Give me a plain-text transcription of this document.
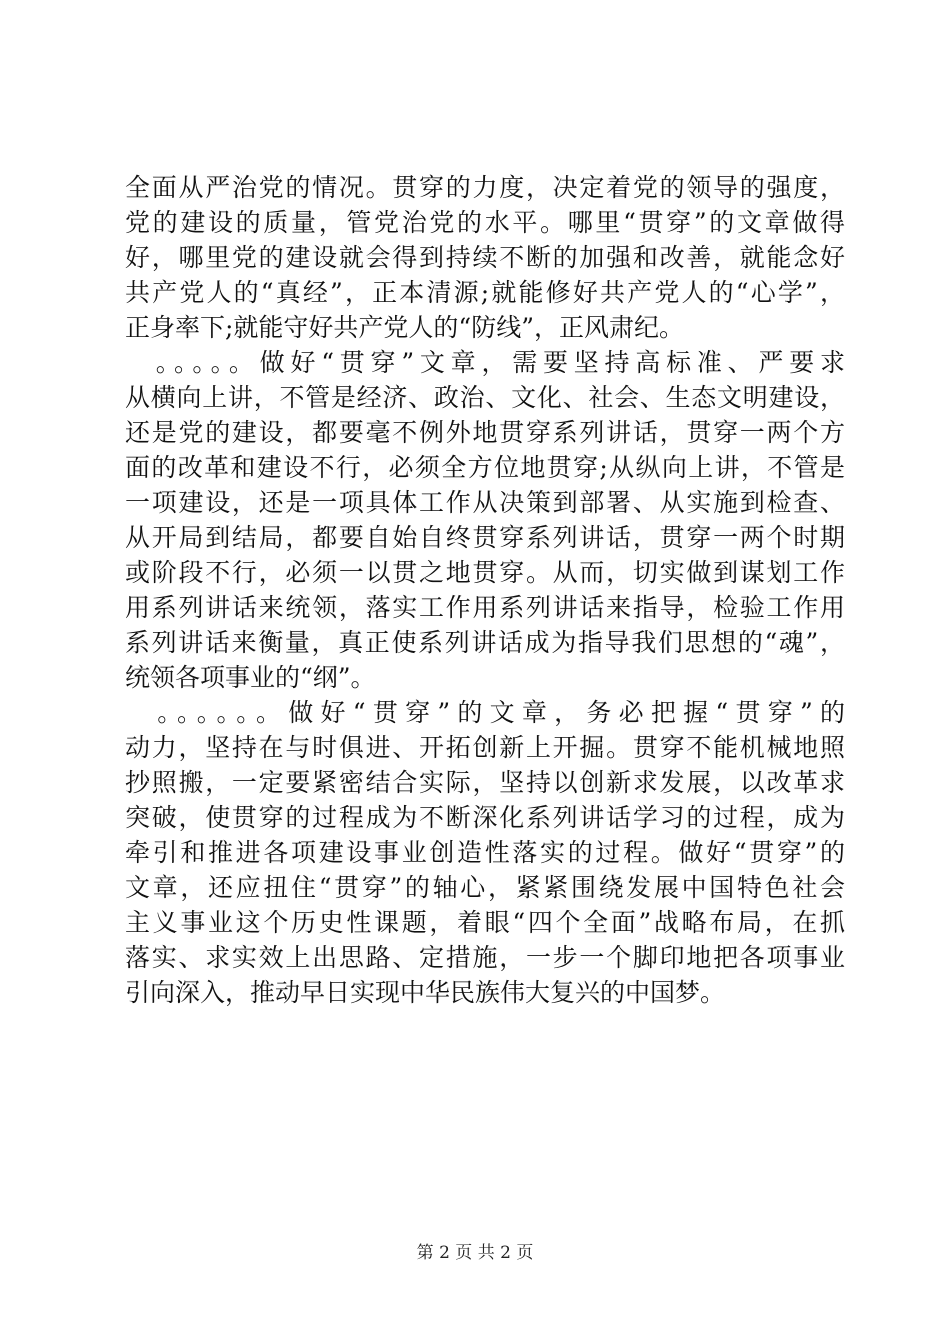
全面从严治党的情况。贯穿的力度，决定着党的领导的强度，
党的建设的质量，管党治党的水平。哪里“贯穿”的文章做得
好，哪里党的建设就会得到持续不断的加强和改善，就能念好
共产党人的“真经”，正本清源;就能修好共产党人的“心学”，
正身率下;就能守好共产党人的“防线”，正风肃纪。
　。。。。。做好“贯穿”文章，需要坚持高标准、严要求
从横向上讲，不管是经济、政治、文化、社会、生态文明建设，
还是党的建设，都要毫不例外地贯穿系列讲话，贯穿一两个方
面的改革和建设不行，必须全方位地贯穿;从纵向上讲，不管是
一项建设，还是一项具体工作从决策到部署、从实施到检查、
从开局到结局，都要自始自终贯穿系列讲话，贯穿一两个时期
或阶段不行，必须一以贯之地贯穿。从而，切实做到谋划工作
用系列讲话来统领，落实工作用系列讲话来指导，检验工作用
系列讲话来衡量，真正使系列讲话成为指导我们思想的“魂”，
统领各项事业的“纲”。
　。。。。。。做好“贯穿”的文章，务必把握“贯穿”的
动力，坚持在与时俱进、开拓创新上开掘。贯穿不能机械地照
抄照搬，一定要紧密结合实际，坚持以创新求发展，以改革求
突破，使贯穿的过程成为不断深化系列讲话学习的过程，成为
牵引和推进各项建设事业创造性落实的过程。做好“贯穿”的
文章，还应扭住“贯穿”的轴心，紧紧围绕发展中国特色社会
主义事业这个历史性课题，着眼“四个全面”战略布局，在抓
落实、求实效上出思路、定措施，一步一个脚印地把各项事业
引向深入，推动早日实现中华民族伟大复兴的中国梦。
第 2 页 共 2 页
